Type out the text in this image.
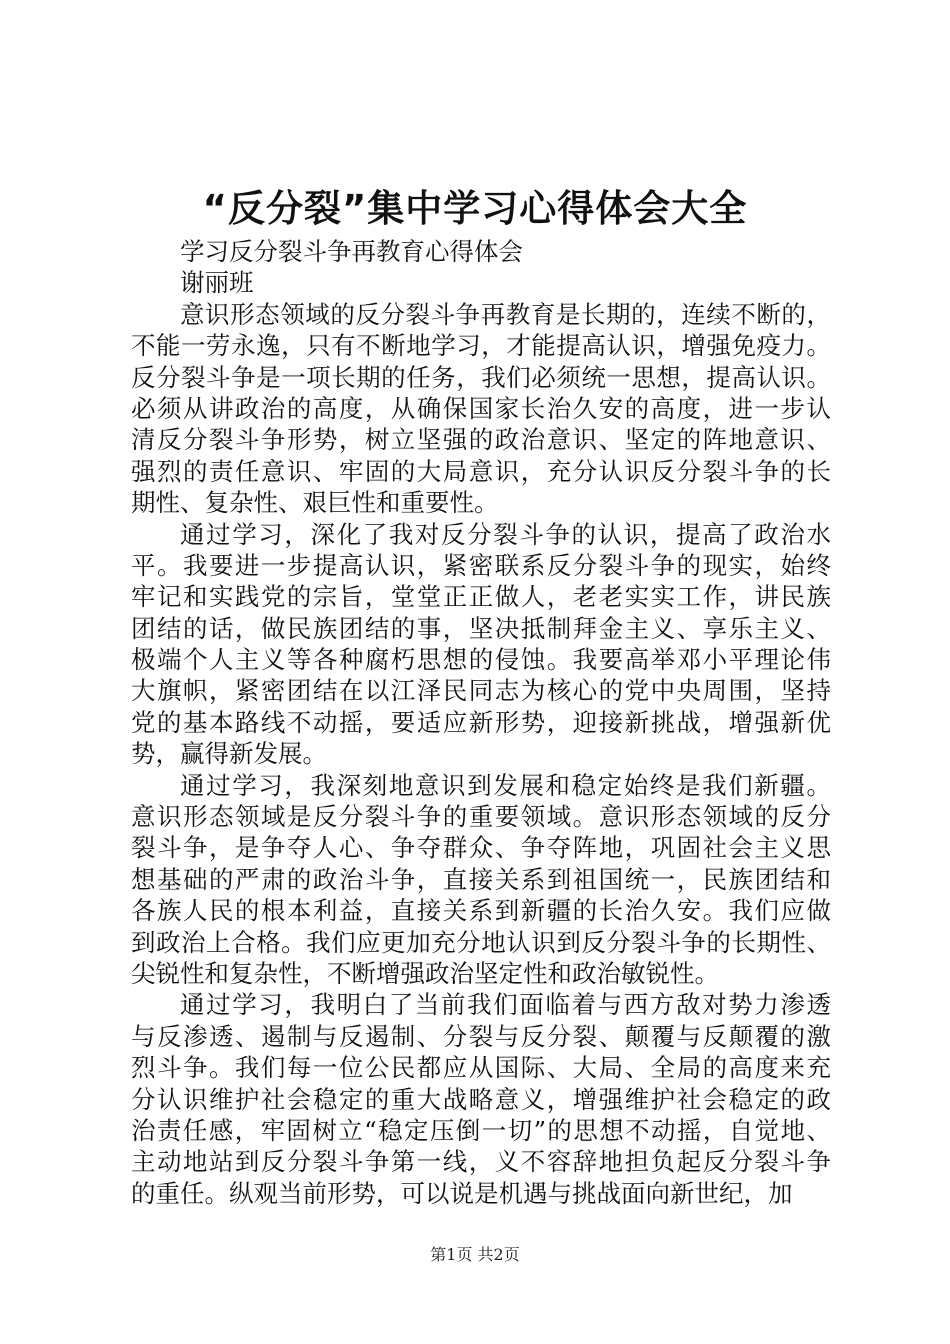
“反分裂”集中学习心得体会大全
学习反分裂斗争再教育心得体会
谢丽班
意识形态领域的反分裂斗争再教育是长期的，连续不断的，
不能一劳永逸，只有不断地学习，才能提高认识，增强免疫力。
反分裂斗争是一项长期的任务，我们必须统一思想，提高认识。
必须从讲政治的高度，从确保国家长治久安的高度，进一步认
清反分裂斗争形势，树立坚强的政治意识、坚定的阵地意识、
强烈的责任意识、牢固的大局意识，充分认识反分裂斗争的长
期性、复杂性、艰巨性和重要性。
通过学习，深化了我对反分裂斗争的认识，提高了政治水
平。我要进一步提高认识，紧密联系反分裂斗争的现实，始终
牢记和实践党的宗旨，堂堂正正做人，老老实实工作，讲民族
团结的话，做民族团结的事，坚决抵制拜金主义、享乐主义、
极端个人主义等各种腐朽思想的侵蚀。我要高举邓小平理论伟
大旗帜，紧密团结在以江泽民同志为核心的党中央周围，坚持
党的基本路线不动摇，要适应新形势，迎接新挑战，增强新优
势，赢得新发展。
通过学习，我深刻地意识到发展和稳定始终是我们新疆。
意识形态领域是反分裂斗争的重要领域。意识形态领域的反分
裂斗争，是争夺人心、争夺群众、争夺阵地，巩固社会主义思
想基础的严肃的政治斗争，直接关系到祖国统一，民族团结和
各族人民的根本利益，直接关系到新疆的长治久安。我们应做
到政治上合格。我们应更加充分地认识到反分裂斗争的长期性、
尖锐性和复杂性，不断增强政治坚定性和政治敏锐性。
通过学习，我明白了当前我们面临着与西方敌对势力渗透
与反渗透、遏制与反遏制、分裂与反分裂、颠覆与反颠覆的激
烈斗争。我们每一位公民都应从国际、大局、全局的高度来充
分认识维护社会稳定的重大战略意义，增强维护社会稳定的政
治责任感，牢固树立“稳定压倒一切”的思想不动摇，自觉地、
主动地站到反分裂斗争第一线，义不容辞地担负起反分裂斗争
的重任。纵观当前形势，可以说是机遇与挑战面向新世纪，加
第1页 共2页
